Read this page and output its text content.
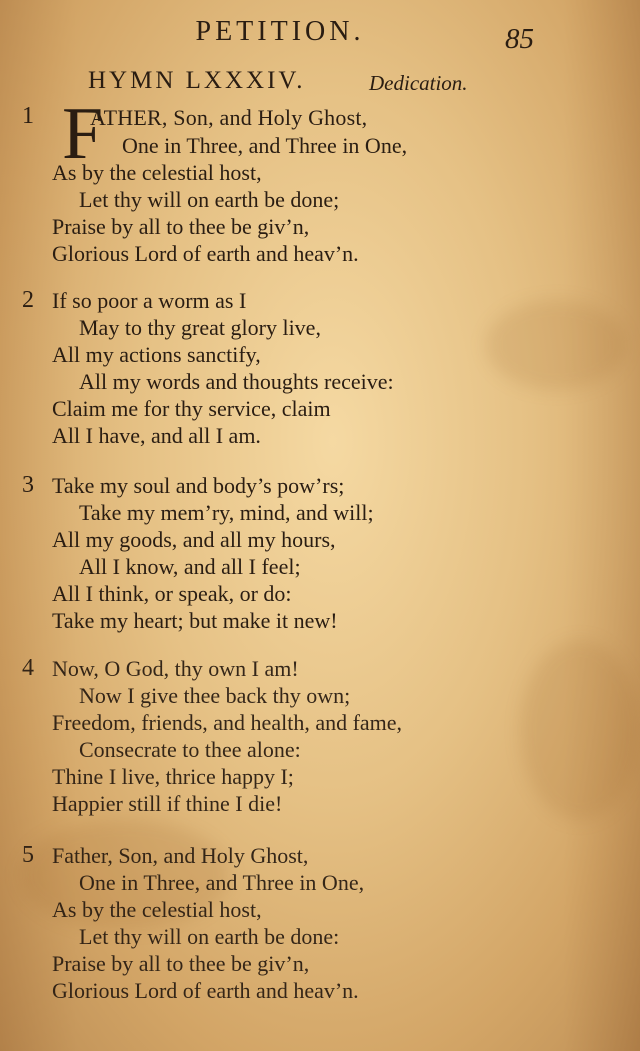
PETITION.	85
HYMN LXXXIV.	Dedication.
1 F
ATHER, Son, and Holy Ghost,
One in Three, and Three in One,
As by the celestial host,
Let thy will on earth be done;
Praise by all to thee be giv’n,
Glorious Lord of earth and heav’n.
2 If so poor a worm as I
May to thy great glory live,
All my actions sanctify,
All my words and thoughts receive:
Claim me for thy service, claim
All I have, and all I am.
3 Take my soul and body’s pow’rs;
Take my mem’ry, mind, and will;
All my goods, and all my hours,
All I know, and all I feel;
All I think, or speak, or do:
Take my heart; but make it new!
4 Now, O God, thy own I am!
Now I give thee back thy own;
Freedom, friends, and health, and fame,
Consecrate to thee alone:
Thine I live, thrice happy I;
Happier still if thine I die!
5 Father, Son, and Holy Ghost,
One in Three, and Three in One,
As by the celestial host,
Let thy will on earth be done:
Praise by all to thee be giv’n,
Glorious Lord of earth and heav’n.
